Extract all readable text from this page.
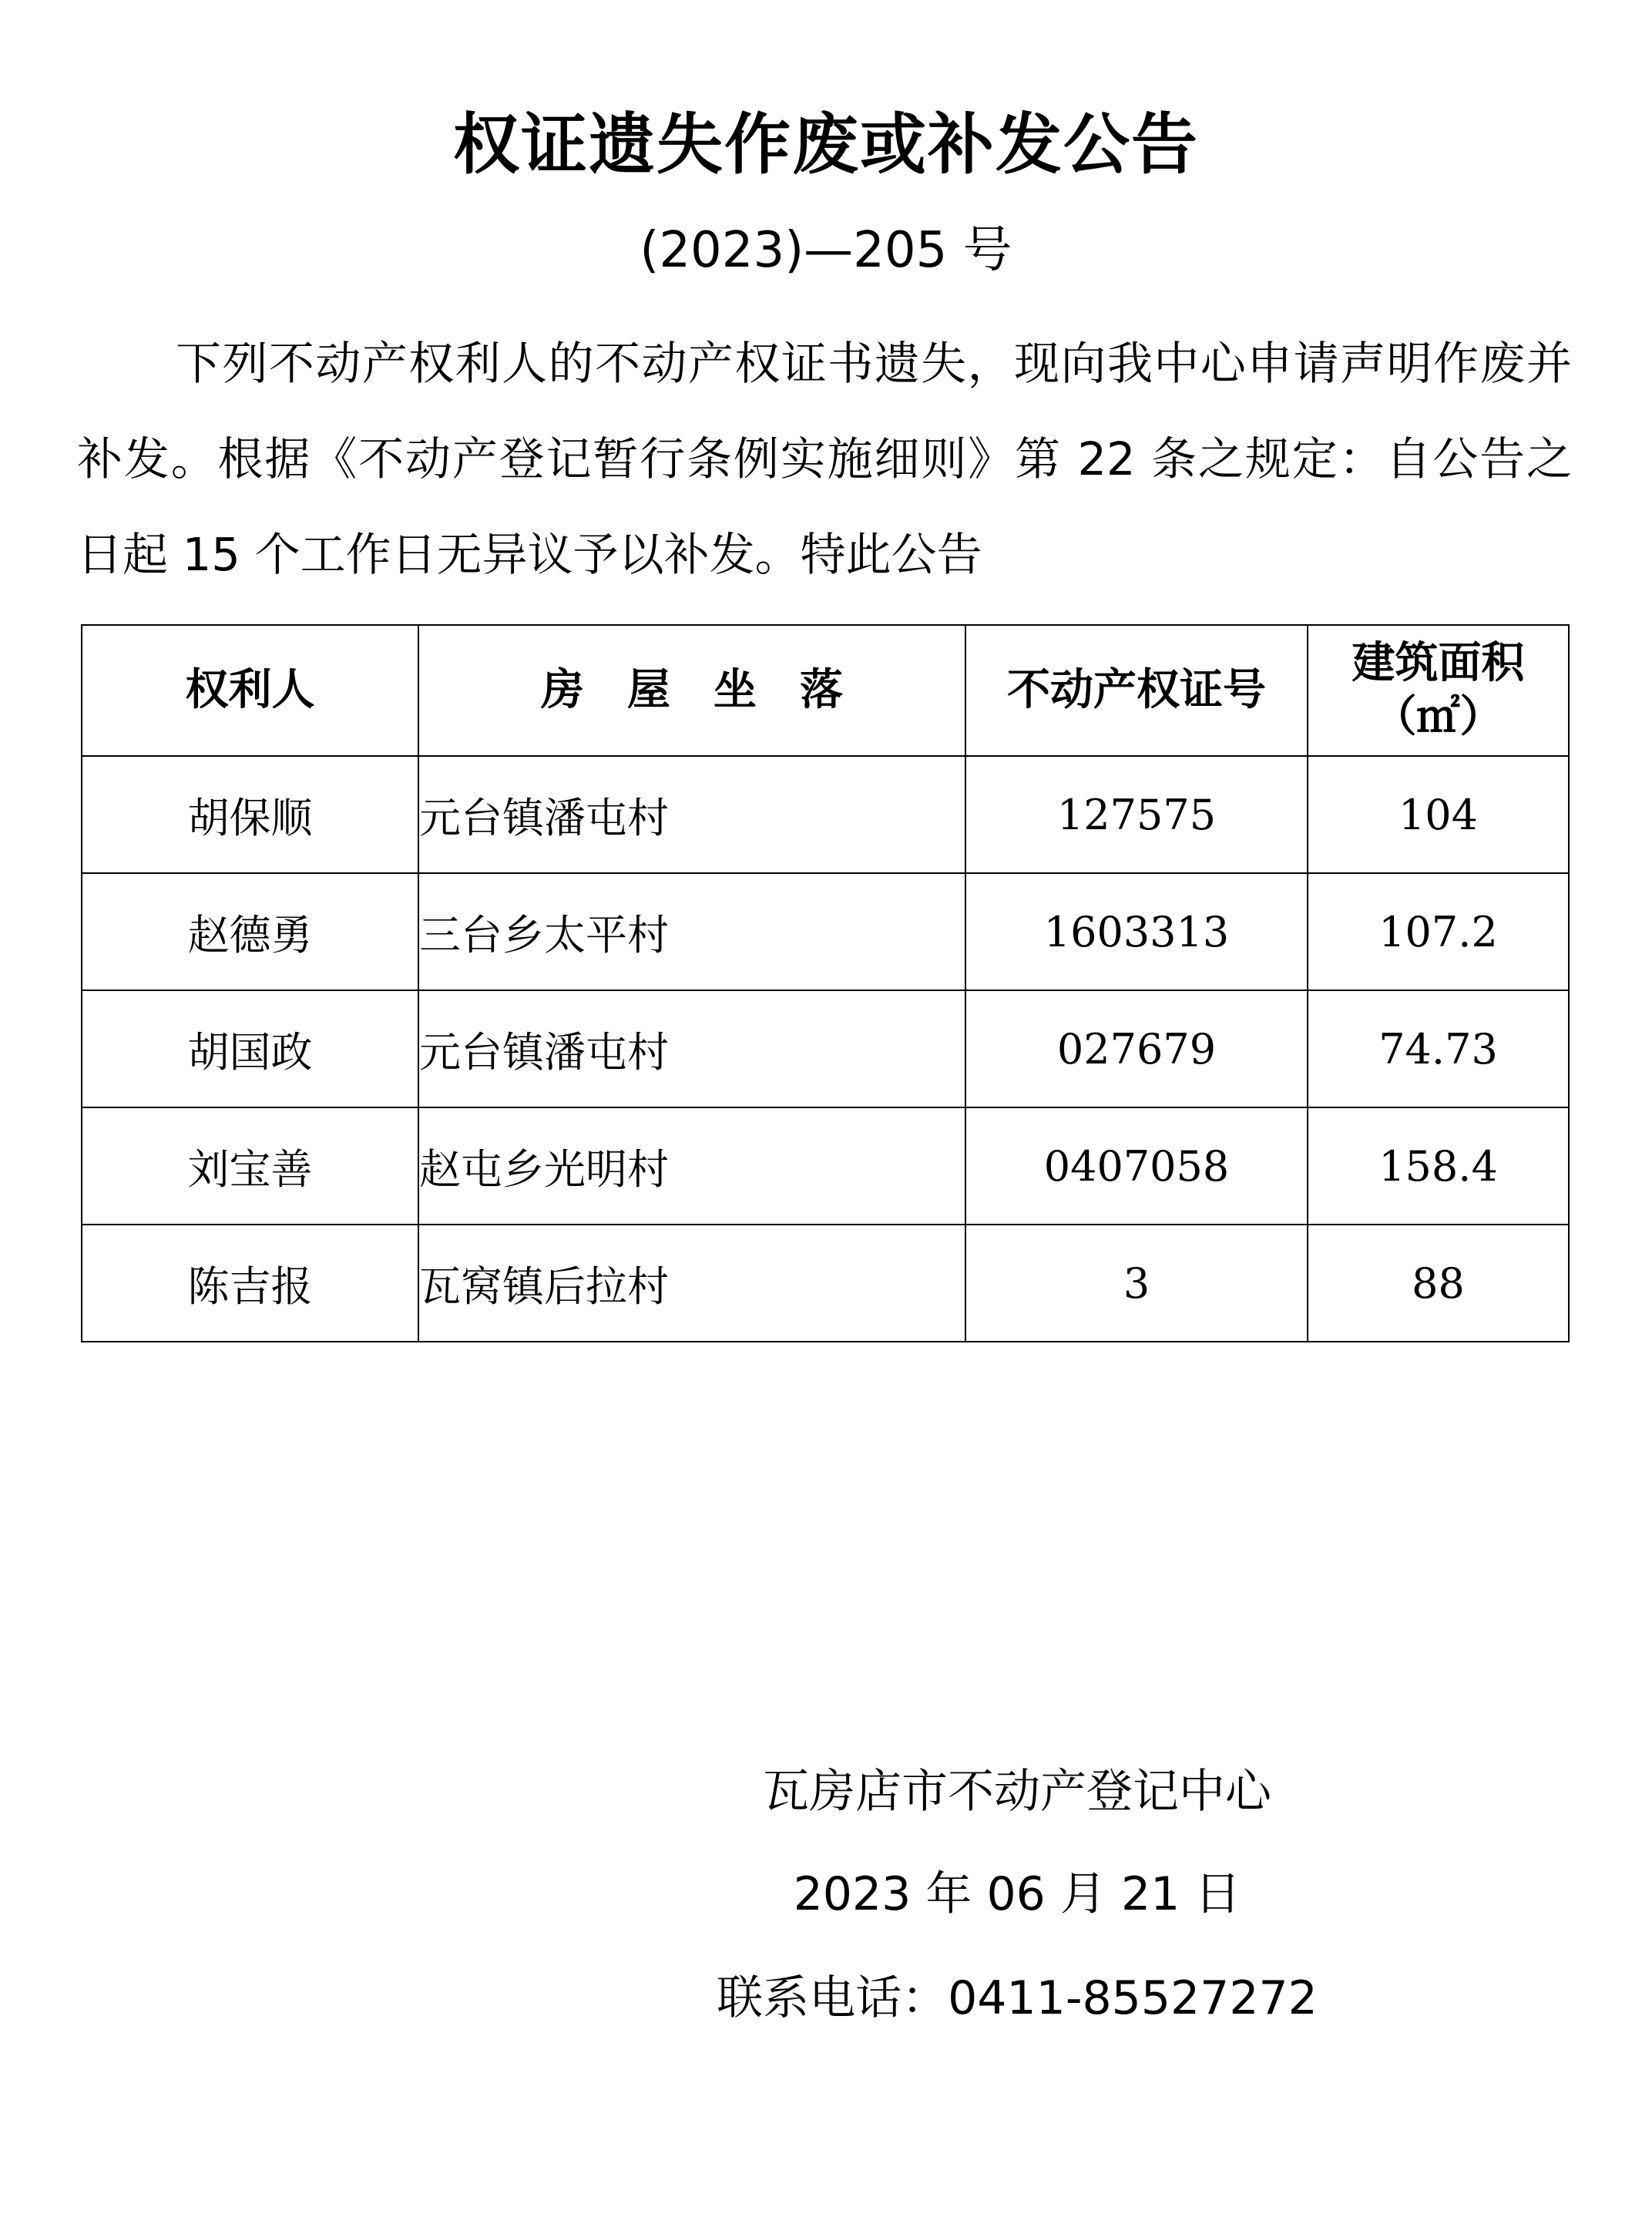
权证遗失作废或补发公告
(2023)—205 号

下列不动产权利人的不动产权证书遗失，现向我中心申请声明作废并补发。根据《不动产登记暂行条例实施细则》第 22 条之规定：自公告之日起 15 个工作日无异议予以补发。特此公告

权利人	房屋坐落	不动产权证号	建筑面积
（㎡）

胡保顺	元台镇潘屯村	127575	104
赵德勇	三台乡太平村	1603313	107.2
胡国政	元台镇潘屯村	027679	74.73
刘宝善	赵屯乡光明村	0407058	158.4
陈吉报	瓦窝镇后拉村	3	88
瓦房店市不动产登记中心
2023 年 06 月 21 日
联系电话：0411-85527272
